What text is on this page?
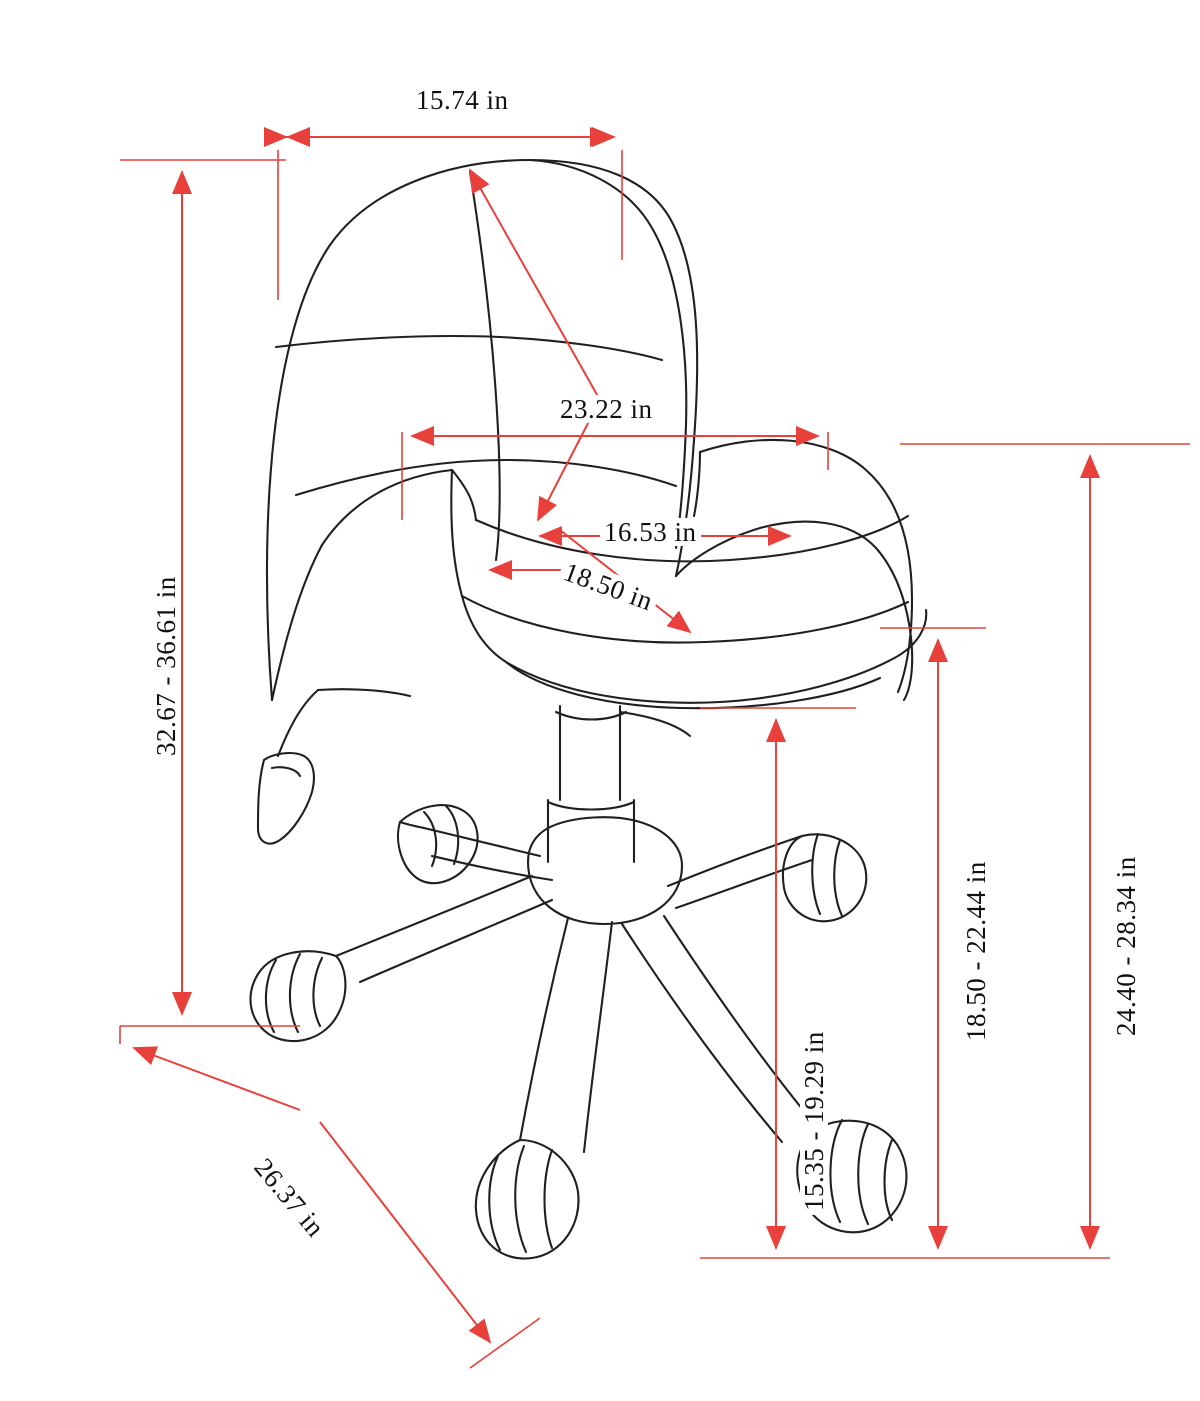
15.74 in
32.67 - 36.61 in
23.22 in
16.53 in
18.50 in
15.35 - 19.29 in
18.50 - 22.44 in	24.40 - 28.34 in
26.37 in
